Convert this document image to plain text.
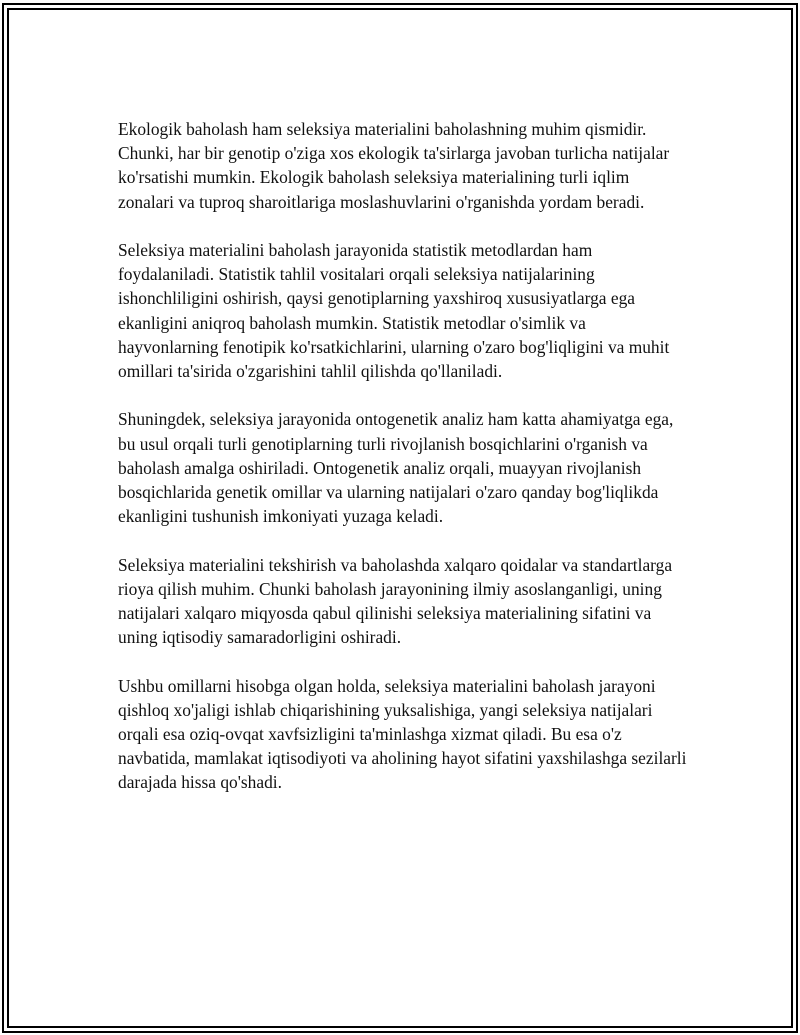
Ekologik baholash ham seleksiya materialini baholashning muhim qismidir. Chunki, har bir genotip o'ziga xos ekologik ta'sirlarga javoban turlicha natijalar ko'rsatishi mumkin. Ekologik baholash seleksiya materialining turli iqlim zonalari va tuproq sharoitlariga moslashuvlarini o'rganishda yordam beradi.

Seleksiya materialini baholash jarayonida statistik metodlardan ham foydalaniladi. Statistik tahlil vositalari orqali seleksiya natijalarining ishonchliligini oshirish, qaysi genotiplarning yaxshiroq xususiyatlarga ega ekanligini aniqroq baholash mumkin. Statistik metodlar o'simlik va hayvonlarning fenotipik ko'rsatkichlarini, ularning o'zaro bog'liqligini va muhit omillari ta'sirida o'zgarishini tahlil qilishda qo'llaniladi.

Shuningdek, seleksiya jarayonida ontogenetik analiz ham katta ahamiyatga ega, bu usul orqali turli genotiplarning turli rivojlanish bosqichlarini o'rganish va baholash amalga oshiriladi. Ontogenetik analiz orqali, muayyan rivojlanish bosqichlarida genetik omillar va ularning natijalari o'zaro qanday bog'liqlikda ekanligini tushunish imkoniyati yuzaga keladi.

Seleksiya materialini tekshirish va baholashda xalqaro qoidalar va standartlarga rioya qilish muhim. Chunki baholash jarayonining ilmiy asoslanganligi, uning natijalari xalqaro miqyosda qabul qilinishi seleksiya materialining sifatini va uning iqtisodiy samaradorligini oshiradi.

Ushbu omillarni hisobga olgan holda, seleksiya materialini baholash jarayoni qishloq xo'jaligi ishlab chiqarishining yuksalishiga, yangi seleksiya natijalari orqali esa oziq-ovqat xavfsizligini ta'minlashga xizmat qiladi. Bu esa o'z navbatida, mamlakat iqtisodiyoti va aholining hayot sifatini yaxshilashga sezilarli darajada hissa qo'shadi.
